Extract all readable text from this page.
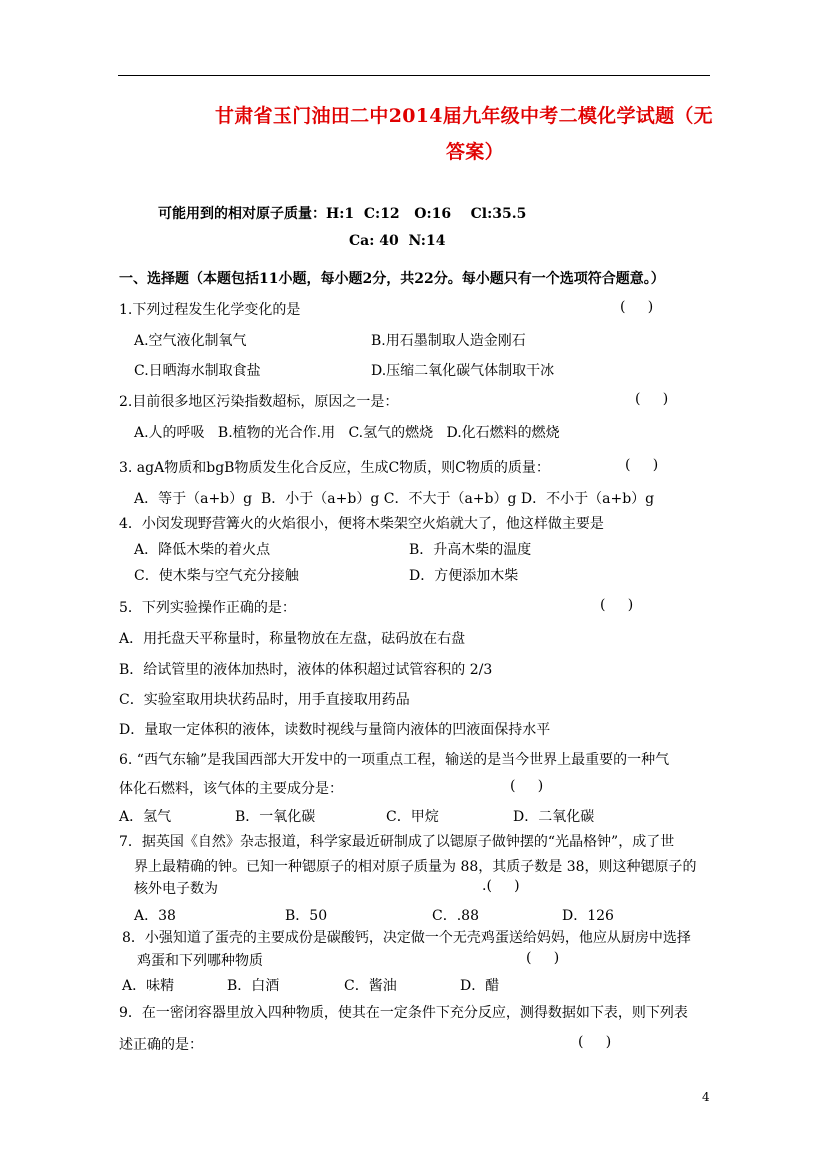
甘肃省玉门油田二中2014届九年级中考二模化学试题（无
答案）
可能用到的相对原子质量：H:1  C:12   O:16    Cl:35.5
Ca: 40  N:14
一、选择题（本题包括11小题，每小题2分，共22分。每小题只有一个选项符合题意。）
1.下列过程发生化学变化的是	(     )
A.空气液化制氧气	B.用石墨制取人造金刚石
C.日晒海水制取食盐	D.压缩二氧化碳气体制取干冰
2.目前很多地区污染指数超标，原因之一是：	(     )
A.人的呼吸   B.植物的光合作.用   C.氢气的燃烧   D.化石燃料的燃烧
3. agA物质和bgB物质发生化合反应，生成C物质，则C物质的质量：	(     )
A．等于（a+b）g  B．小于（a+b）g C．不大于（a+b）g D．不小于（a+b）g
4．小闵发现野营篝火的火焰很小，便将木柴架空火焰就大了，他这样做主要是
A．降低木柴的着火点	B．升高木柴的温度
C．使木柴与空气充分接触	D．方便添加木柴
5．下列实验操作正确的是：	(     )
A．用托盘天平称量时，称量物放在左盘，砝码放在右盘
B．给试管里的液体加热时，液体的体积超过试管容积的 2/3
C．实验室取用块状药品时，用手直接取用药品
D．量取一定体积的液体，读数时视线与量筒内液体的凹液面保持水平
6. “西气东输”是我国西部大开发中的一项重点工程，输送的是当今世界上最重要的一种气
体化石燃料，该气体的主要成分是：	(     )
A．氢气	B．一氧化碳	C．甲烷	D．二氧化碳
7．据英国《自然》杂志报道，科学家最近研制成了以锶原子做钟摆的“光晶格钟”，成了世
界上最精确的钟。已知一种锶原子的相对原子质量为 88，其质子数是 38，则这种锶原子的
核外电子数为	.(     )
A．38	B．50	C．.88	D．126
8．小强知道了蛋壳的主要成份是碳酸钙，决定做一个无壳鸡蛋送给妈妈，他应从厨房中选择
鸡蛋和下列哪种物质	(     )
A．味精	B．白酒	C．酱油	D．醋
9．在一密闭容器里放入四种物质，使其在一定条件下充分反应，测得数据如下表，则下列表
述正确的是：	(     )
4
